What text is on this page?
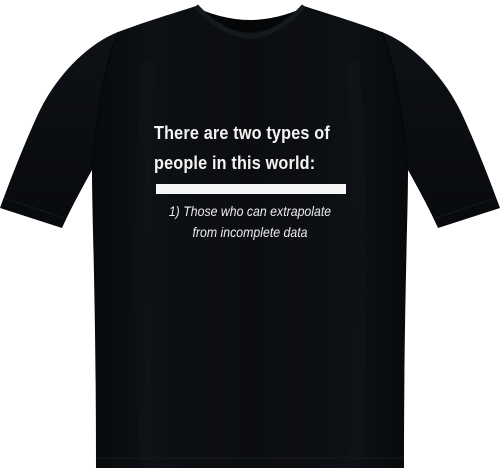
There are two types of
people in this world:
1) Those who can extrapolate
from incomplete data
